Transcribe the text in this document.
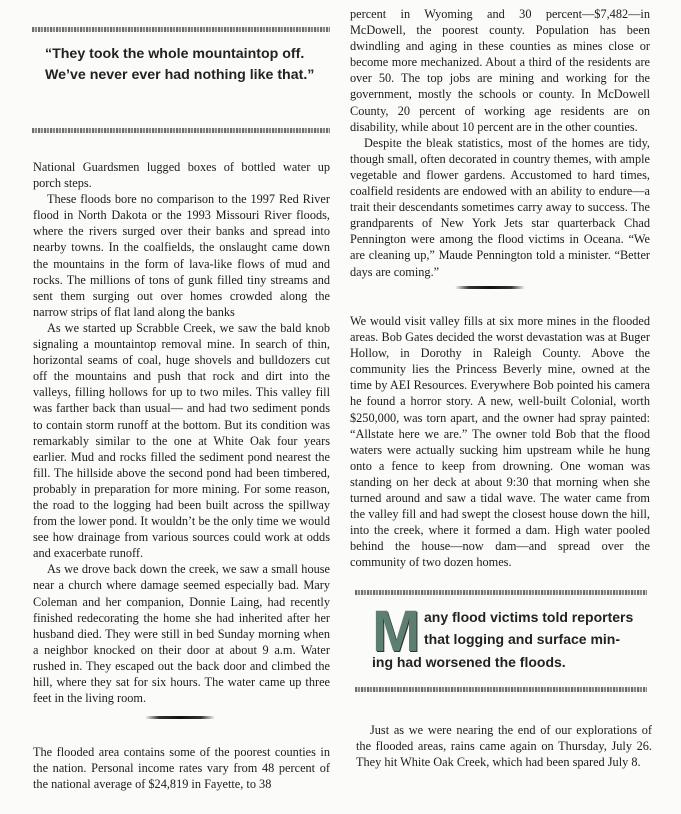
“They took the whole mountaintop off. We’ve never ever had nothing like that.”

National Guardsmen lugged boxes of bottled water up porch steps.

These floods bore no comparison to the 1997 Red River flood in North Dakota or the 1993 Missouri River floods, where the rivers surged over their banks and spread into nearby towns. In the coalfields, the onslaught came down the mountains in the form of lava-like flows of mud and rocks. The millions of tons of gunk filled tiny streams and sent them surging out over homes crowded along the narrow strips of flat land along the banks

As we started up Scrabble Creek, we saw the bald knob signaling a mountaintop removal mine. In search of thin, horizontal seams of coal, huge shovels and bulldozers cut off the mountains and push that rock and dirt into the valleys, filling hollows for up to two miles. This valley fill was farther back than usual— and had two sediment ponds to contain storm runoff at the bottom. But its condition was remarkably similar to the one at White Oak four years earlier. Mud and rocks filled the sediment pond nearest the fill. The hillside above the second pond had been timbered, probably in preparation for more mining. For some reason, the road to the logging had been built across the spillway from the lower pond. It wouldn’t be the only time we would see how drainage from various sources could work at odds and exacerbate runoff.

As we drove back down the creek, we saw a small house near a church where damage seemed especially bad. Mary Coleman and her companion, Donnie Laing, had recently finished redecorating the home she had inherited after her husband died. They were still in bed Sunday morning when a neighbor knocked on their door at about 9 a.m. Water rushed in. They escaped out the back door and climbed the hill, where they sat for six hours. The water came up three feet in the living room.

The flooded area contains some of the poorest counties in the nation. Personal income rates vary from 48 percent of the national average of $24,819 in Fayette, to 38

percent in Wyoming and 30 percent—$7,482—in McDowell, the poorest county. Population has been dwindling and aging in these counties as mines close or become more mechanized. About a third of the residents are over 50. The top jobs are mining and working for the government, mostly the schools or county. In McDowell County, 20 percent of working age residents are on disability, while about 10 percent are in the other counties.

Despite the bleak statistics, most of the homes are tidy, though small, often decorated in country themes, with ample vegetable and flower gardens. Accustomed to hard times, coalfield residents are endowed with an ability to endure—a trait their descendants sometimes carry away to success. The grandparents of New York Jets star quarterback Chad Pennington were among the flood victims in Oceana. “We are cleaning up,” Maude Pennington told a minister. “Better days are coming.”

We would visit valley fills at six more mines in the flooded areas. Bob Gates decided the worst devastation was at Buger Hollow, in Dorothy in Raleigh County. Above the community lies the Princess Beverly mine, owned at the time by AEI Resources. Everywhere Bob pointed his camera he found a horror story. A new, well-built Colonial, worth $250,000, was torn apart, and the owner had spray painted: “Allstate here we are.” The owner told Bob that the flood waters were actually sucking him upstream while he hung onto a fence to keep from drowning. One woman was standing on her deck at about 9:30 that morning when she turned around and saw a tidal wave. The water came from the valley fill and had swept the closest house down the hill, into the creek, where it formed a dam. High water pooled behind the house—now dam—and spread over the community of two dozen homes.

M any flood victims told reporters
that logging and surface min-
ing had worsened the floods.

Just as we were nearing the end of our explorations of the flooded areas, rains came again on Thursday, July 26. They hit White Oak Creek, which had been spared July 8.
